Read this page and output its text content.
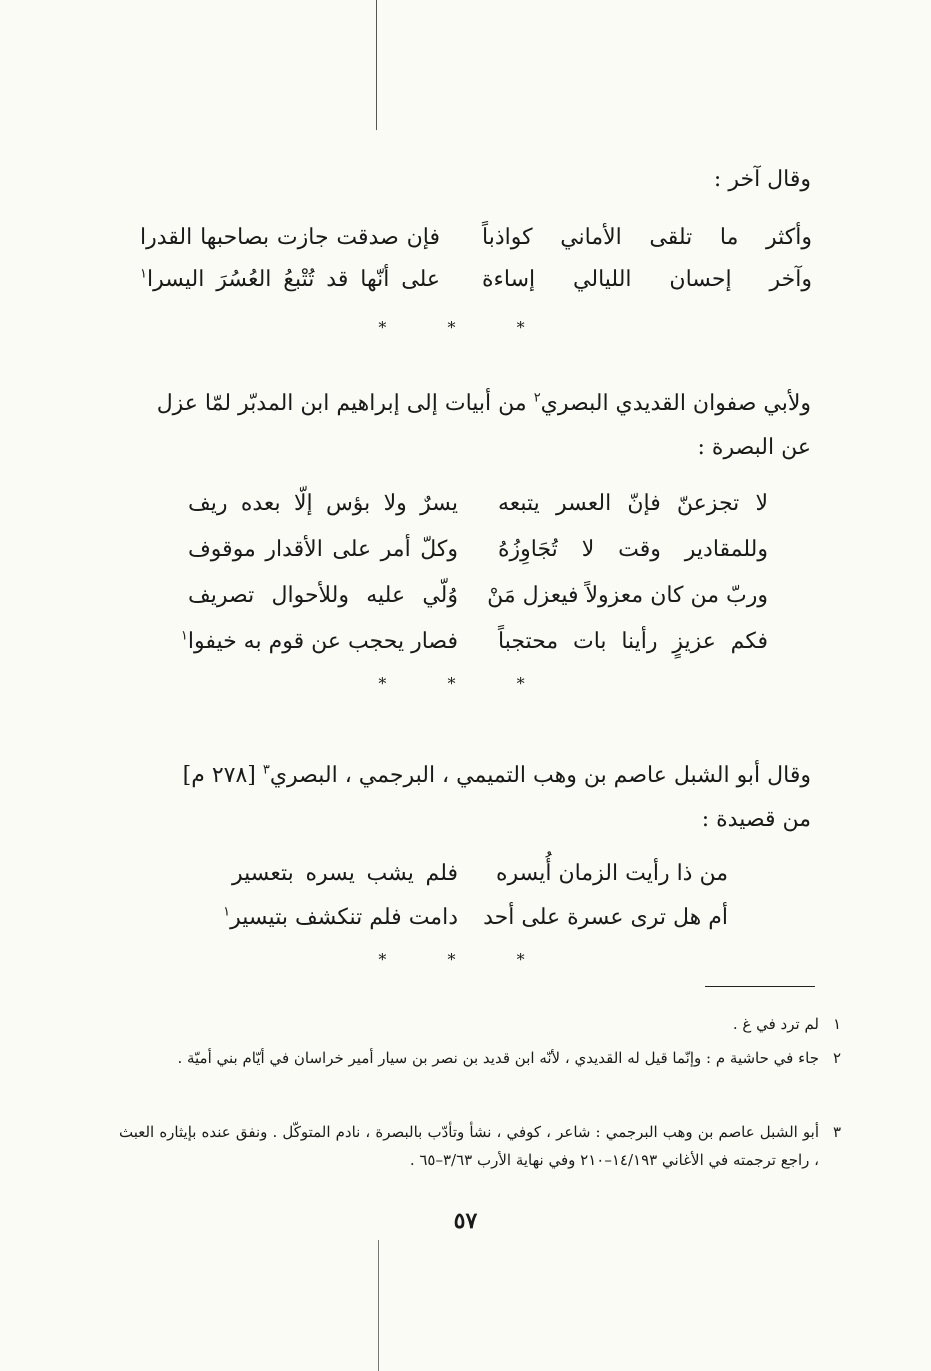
وقال آخر :
وأكثر ما تلقى الأماني كواذباً
فإن صدقت جازت بصاحبها القدرا
وآخر إحسان الليالي إساءة
على أنّها قد تُتْبعُ العُسُرَ اليسرا$^١$
* * *
ولأبي صفوان القديدي البصري$^٢$ من أبيات إلى إبراهيم ابن المدبّر لمّا عزل
عن البصرة :
لا تجزعنّ فإنّ العسر يتبعه
يسرٌ ولا بؤس إلّا بعده ريف
وللمقادير وقت لا تُجَاوِزُهُ
وكلّ أمر على الأقدار موقوف
وربّ من كان معزولاً فيعزل مَنْ
وُلّي عليه وللأحوال تصريف
فكم عزيزٍ رأينا بات محتجباً
فصار يحجب عن قوم به خيفوا$^١$
* * *
وقال أبو الشبل عاصم بن وهب التميمي ، البرجمي ، البصري$^٣$ [٢٧٨ م]
من قصيدة :
من ذا رأيت الزمان أُيسره
فلم يشب يسره بتعسير
أم هل ترى عسرة على أحد
دامت فلم تنكشف بتيسير$^١$
* * *
١
لم ترد في غ .
٢
جاء في حاشية م : وإنّما قيل له القديدي ، لأنّه ابن قديد بن نصر بن سيار أمير خراسان في أيّام بني أميّة .
٣
أبو الشبل عاصم بن وهب البرجمي : شاعر ، كوفي ، نشأ وتأدّب بالبصرة ، نادم المتوكّل . ونفق عنده بإيثاره العبث ، راجع ترجمته في الأغاني ١٤/١٩٣–٢١٠ وفي نهاية الأرب ٣/٦٣–٦٥ .
٥٧
